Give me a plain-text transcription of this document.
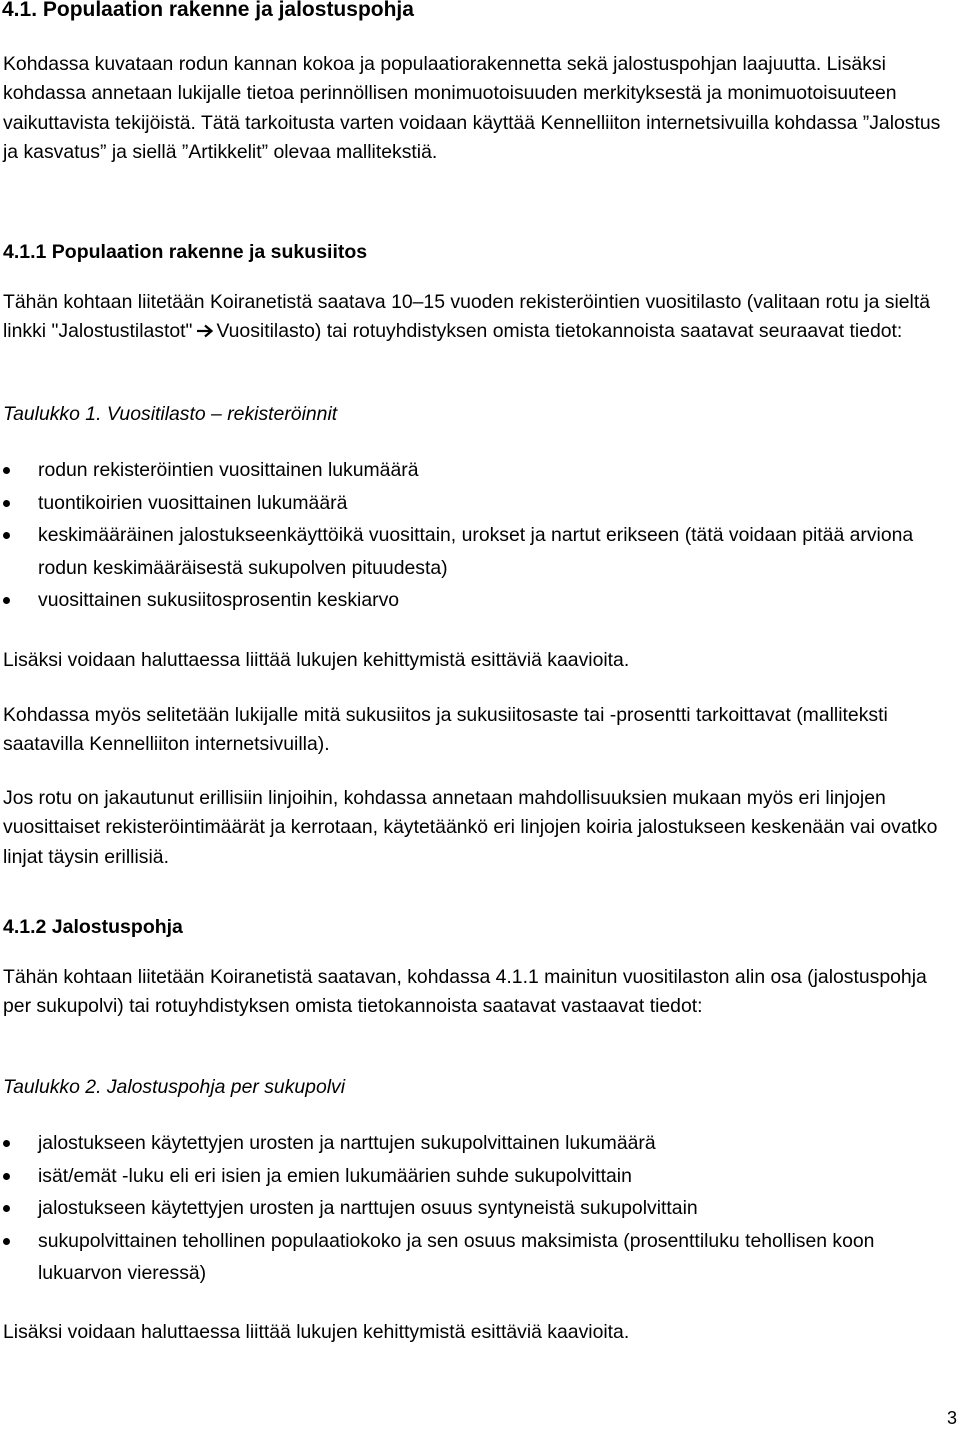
4.1. Populaation rakenne ja jalostuspohja

Kohdassa kuvataan rodun kannan kokoa ja populaatiorakennetta sekä jalostuspohjan laajuutta. Lisäksi kohdassa annetaan lukijalle tietoa perinnöllisen monimuotoisuuden merkityksestä ja monimuotoisuuteen vaikuttavista tekijöistä. Tätä tarkoitusta varten voidaan käyttää Kennelliiton internetsivuilla kohdassa ”Jalostus ja kasvatus” ja siellä ”Artikkelit” olevaa mallitekstiä.

4.1.1 Populaation rakenne ja sukusiitos

Tähän kohtaan liitetään Koiranetistä saatava 10–15 vuoden rekisteröintien vuositilasto (valitaan rotu ja sieltä linkki "Jalostustilastot" Vuositilasto) tai rotuyhdistyksen omista tietokannoista saatavat seuraavat tiedot:

Taulukko 1. Vuositilasto – rekisteröinnit

rodun rekisteröintien vuosittainen lukumäärä
tuontikoirien vuosittainen lukumäärä
keskimääräinen jalostukseenkäyttöikä vuosittain, urokset ja nartut erikseen (tätä voidaan pitää arviona rodun keskimääräisestä sukupolven pituudesta)
vuosittainen sukusiitosprosentin keskiarvo

Lisäksi voidaan haluttaessa liittää lukujen kehittymistä esittäviä kaavioita.

Kohdassa myös selitetään lukijalle mitä sukusiitos ja sukusiitosaste tai -prosentti tarkoittavat (malliteksti saatavilla Kennelliiton internetsivuilla).

Jos rotu on jakautunut erillisiin linjoihin, kohdassa annetaan mahdollisuuksien mukaan myös eri linjojen vuosittaiset rekisteröintimäärät ja kerrotaan, käytetäänkö eri linjojen koiria jalostukseen keskenään vai ovatko linjat täysin erillisiä.

4.1.2 Jalostuspohja

Tähän kohtaan liitetään Koiranetistä saatavan, kohdassa 4.1.1 mainitun vuositilaston alin osa (jalostuspohja per sukupolvi) tai rotuyhdistyksen omista tietokannoista saatavat vastaavat tiedot:

Taulukko 2. Jalostuspohja per sukupolvi

jalostukseen käytettyjen urosten ja narttujen sukupolvittainen lukumäärä
isät/emät -luku eli eri isien ja emien lukumäärien suhde sukupolvittain
jalostukseen käytettyjen urosten ja narttujen osuus syntyneistä sukupolvittain
sukupolvittainen tehollinen populaatiokoko ja sen osuus maksimista (prosenttiluku tehollisen koon lukuarvon vieressä)

Lisäksi voidaan haluttaessa liittää lukujen kehittymistä esittäviä kaavioita.

3
